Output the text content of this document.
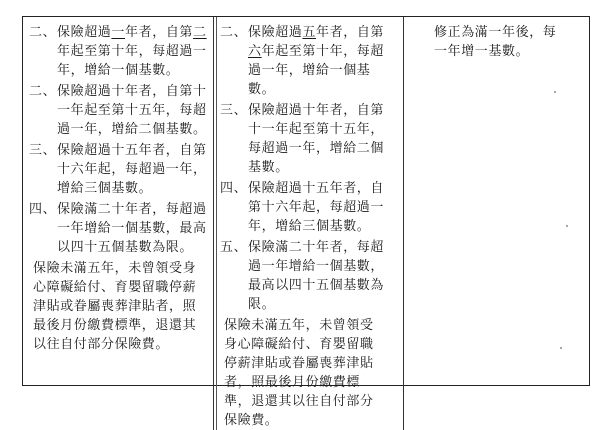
二、 保險超過一年者，自第二年起至第十年，每超過一年，增給一個基數。
二、 保險超過十年者，自第十一年起至第十五年，每超過一年，增給二個基數。
三、 保險超過十五年者，自第十六年起，每超過一年，增給三個基數。
四、 保險滿二十年者，每超過一年增給一個基數，最高以四十五個基數為限。
保險未滿五年，未曾領受身心障礙給付、育嬰留職停薪津貼或眷屬喪葬津貼者，照最後月份繳費標準，退還其以往自付部分保險費。
二、 保險超過五年者，自第六年起至第十年，每超過一年，增給一個基數。
三、 保險超過十年者，自第十一年起至第十五年，每超過一年，增給二個基數。
四、 保險超過十五年者，自第十六年起，每超過一年，增給三個基數。
五、 保險滿二十年者，每超過一年增給一個基數，最高以四十五個基數為限。
保險未滿五年，未曾領受身心障礙給付、育嬰留職停薪津貼或眷屬喪葬津貼者，照最後月份繳費標準，退還其以往自付部分保險費。
修正為滿一年後，每一年增一基數。
